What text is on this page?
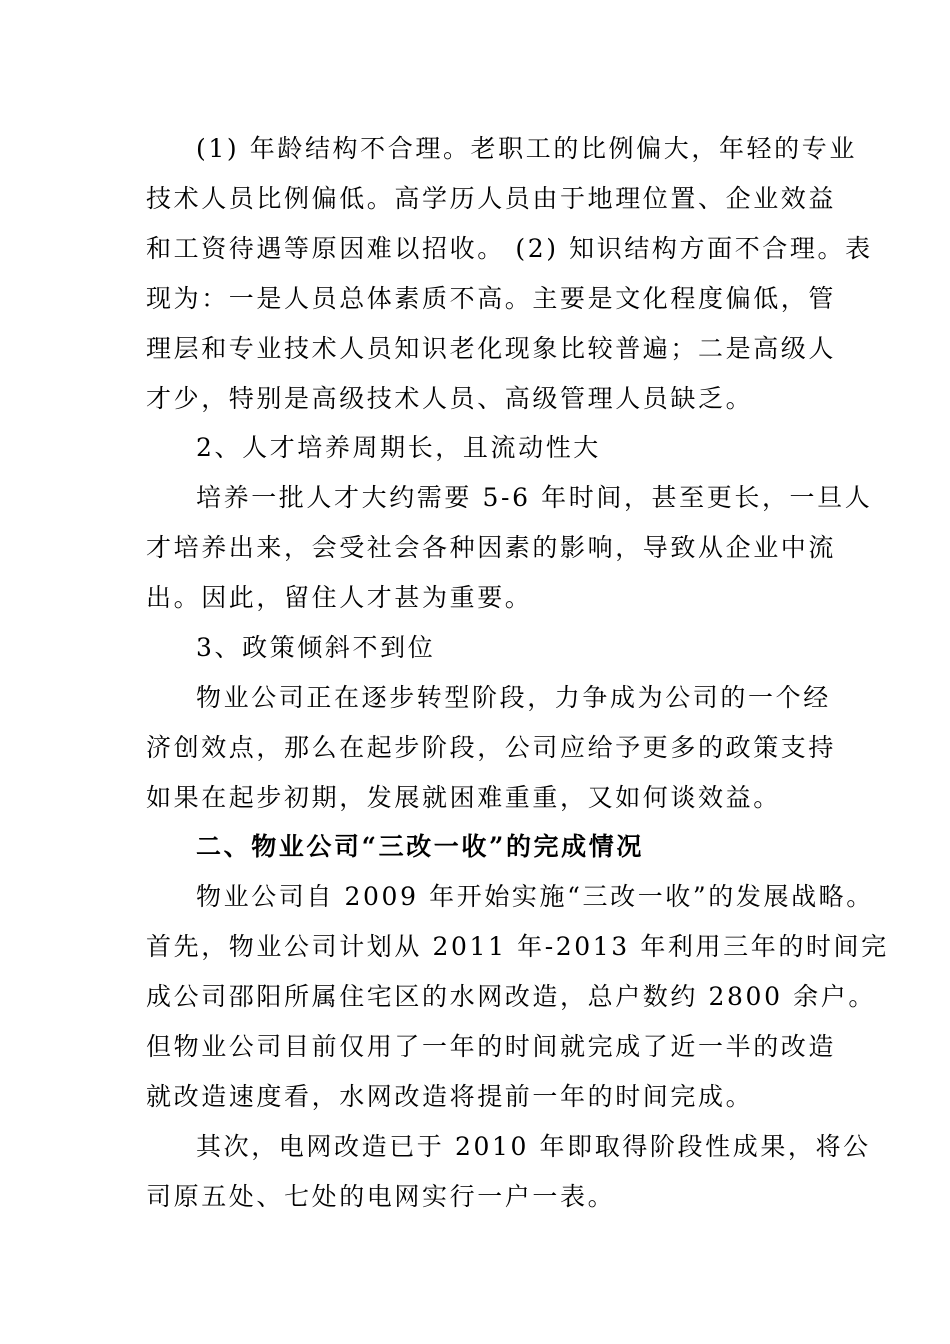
(1) 年龄结构不合理。老职工的比例偏大，年轻的专业
技术人员比例偏低。高学历人员由于地理位置、企业效益
和工资待遇等原因难以招收。 (2) 知识结构方面不合理。表
现为：一是人员总体素质不高。主要是文化程度偏低，管
理层和专业技术人员知识老化现象比较普遍；二是高级人
才少，特别是高级技术人员、高级管理人员缺乏。
2、人才培养周期长，且流动性大
培养一批人才大约需要 5-6 年时间，甚至更长，一旦人
才培养出来，会受社会各种因素的影响，导致从企业中流
出。因此，留住人才甚为重要。
3、政策倾斜不到位
物业公司正在逐步转型阶段，力争成为公司的一个经
济创效点，那么在起步阶段，公司应给予更多的政策支持
如果在起步初期，发展就困难重重，又如何谈效益。
二、物业公司“三改一收”的完成情况
物业公司自 2009 年开始实施“三改一收”的发展战略。
首先，物业公司计划从 2011 年-2013 年利用三年的时间完
成公司邵阳所属住宅区的水网改造，总户数约 2800 余户。
但物业公司目前仅用了一年的时间就完成了近一半的改造
就改造速度看，水网改造将提前一年的时间完成。
其次，电网改造已于 2010 年即取得阶段性成果，将公
司原五处、七处的电网实行一户一表。
